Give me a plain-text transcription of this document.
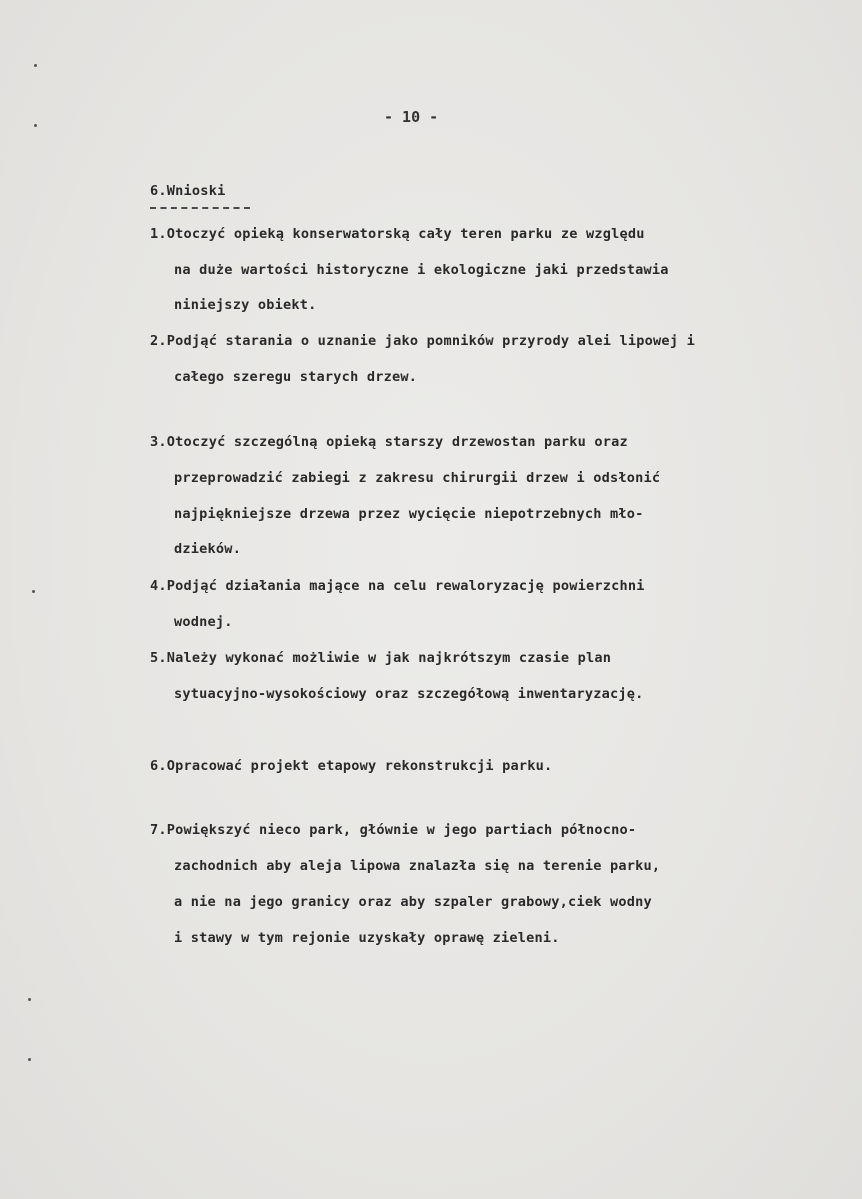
- 10 -
6.Wnioski
1.Otoczyć opieką konserwatorską cały teren parku ze względu
na duże wartości historyczne i ekologiczne jaki przedstawia
niniejszy obiekt.
2.Podjąć starania o uznanie jako pomników przyrody alei lipowej i
całego szeregu starych drzew.
3.Otoczyć szczególną opieką starszy drzewostan parku oraz
przeprowadzić zabiegi z zakresu chirurgii drzew i odsłonić
najpiękniejsze drzewa przez wycięcie niepotrzebnych mło-
dzieków.
4.Podjąć działania mające na celu rewaloryzację powierzchni
wodnej.
5.Należy wykonać możliwie w jak najkrótszym czasie plan
sytuacyjno-wysokościowy oraz szczegółową inwentaryzację.
6.Opracować projekt etapowy rekonstrukcji parku.
7.Powiększyć nieco park, głównie w jego partiach północno-
zachodnich aby aleja lipowa znalazła się na terenie parku,
a nie na jego granicy oraz aby szpaler grabowy,ciek wodny
i stawy w tym rejonie uzyskały oprawę zieleni.
